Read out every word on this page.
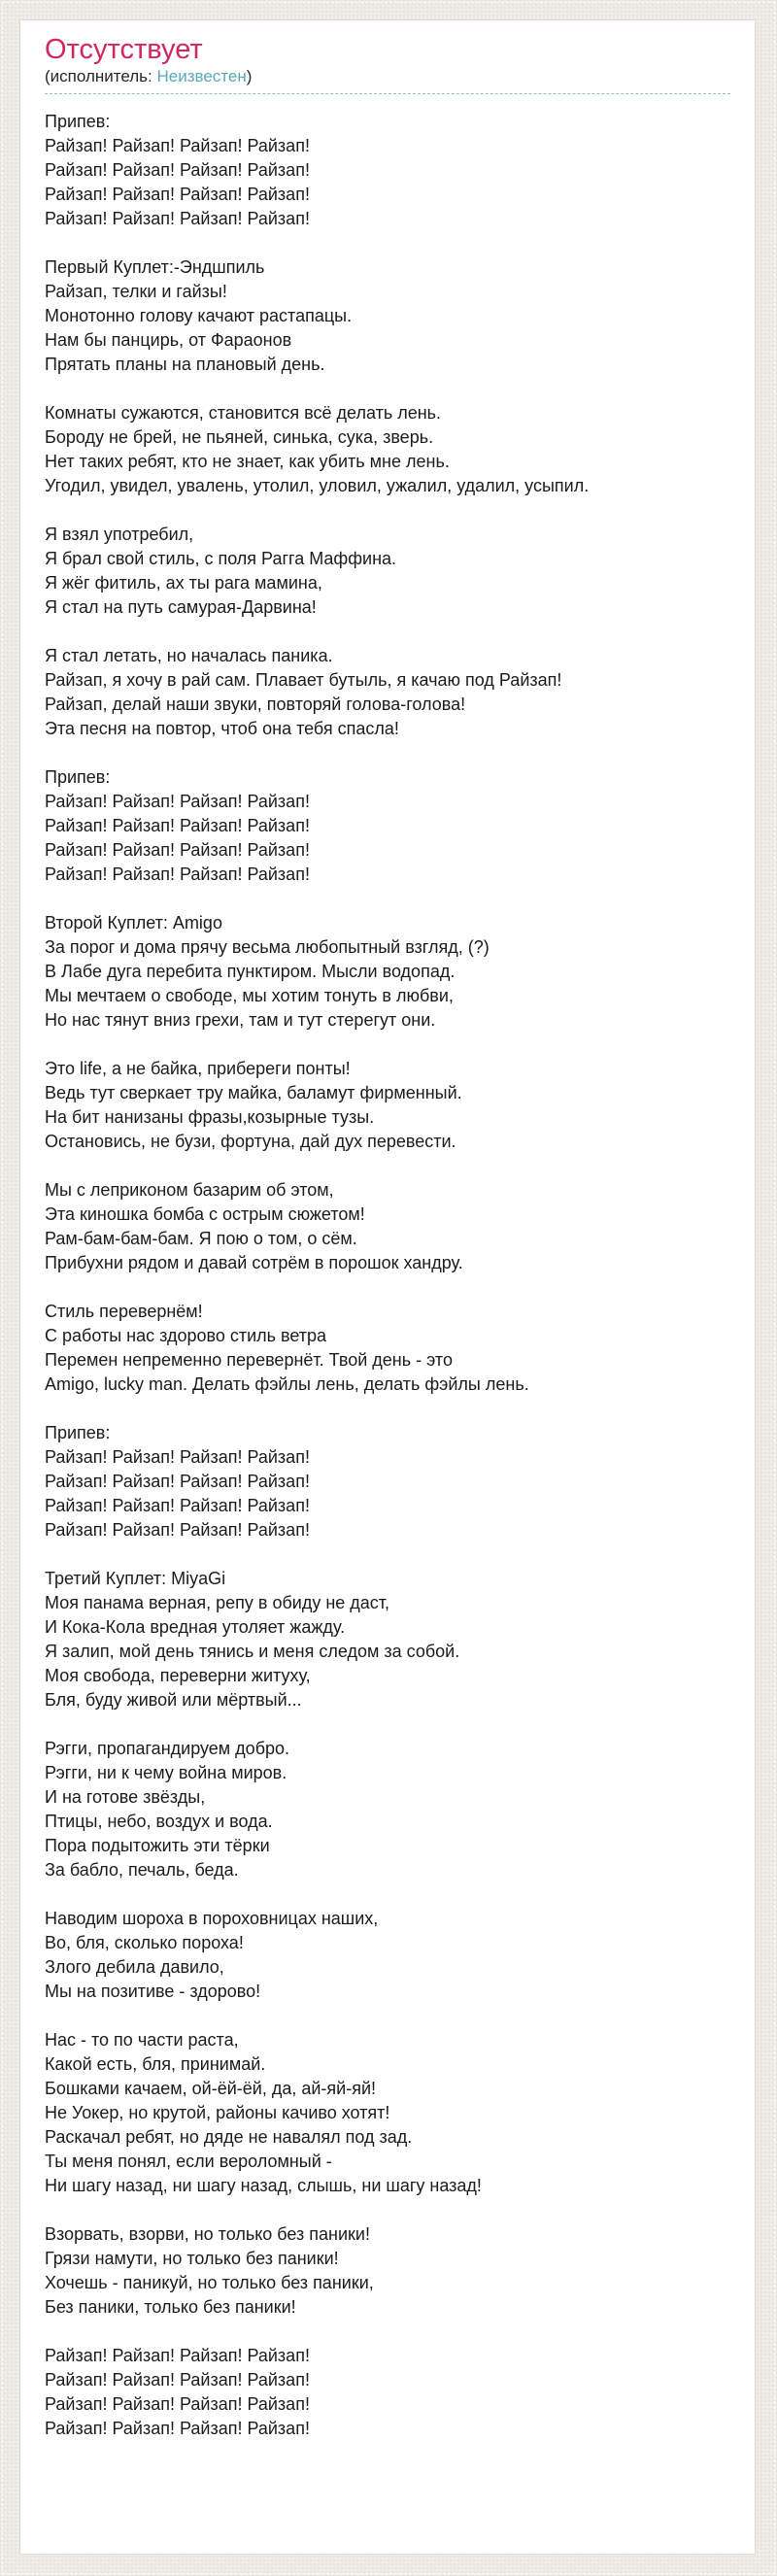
Отсутствует
(исполнитель: Неизвестен)

Припев:
Райзап! Райзап! Райзап! Райзап!
Райзап! Райзап! Райзап! Райзап!
Райзап! Райзап! Райзап! Райзап!
Райзап! Райзап! Райзап! Райзап!

Первый Куплет:-Эндшпиль
Райзап, телки и гайзы!
Монотонно голову качают растапацы.
Нам бы панцирь, от Фараонов
Прятать планы на плановый день.

Комнаты сужаются, становится всё делать лень.
Бороду не брей, не пьяней, синька, сука, зверь.
Нет таких ребят, кто не знает, как убить мне лень.
Угодил, увидел, увалень, утолил, уловил, ужалил, удалил, усыпил.

Я взял употребил,
Я брал свой стиль, с поля Рагга Маффина.
Я жёг фитиль, ах ты рага мамина,
Я стал на путь самурая-Дарвина!

Я стал летать, но началась паника.
Райзап, я хочу в рай сам. Плавает бутыль, я качаю под Райзап!
Райзап, делай наши звуки, повторяй голова-голова!
Эта песня на повтор, чтоб она тебя спасла!

Припев:
Райзап! Райзап! Райзап! Райзап!
Райзап! Райзап! Райзап! Райзап!
Райзап! Райзап! Райзап! Райзап!
Райзап! Райзап! Райзап! Райзап!

Второй Куплет: Amigo
За порог и дома прячу весьма любопытный взгляд, (?)
В Лабе дуга перебита пунктиром. Мысли водопад.
Мы мечтаем о свободе, мы хотим тонуть в любви,
Но нас тянут вниз грехи, там и тут стерегут они.

Это life, а не байка, прибереги понты!
Ведь тут сверкает тру майка, баламут фирменный.
На бит нанизаны фразы,козырные тузы.
Остановись, не бузи, фортуна, дай дух перевести.

Мы с леприконом базарим об этом,
Эта киношка бомба с острым сюжетом!
Рам-бам-бам-бам. Я пою о том, о сём.
Прибухни рядом и давай сотрём в порошок хандру.

Стиль перевернём!
С работы нас здорово стиль ветра
Перемен непременно перевернёт. Твой день - это
Amigo, lucky man. Делать фэйлы лень, делать фэйлы лень.

Припев:
Райзап! Райзап! Райзап! Райзап!
Райзап! Райзап! Райзап! Райзап!
Райзап! Райзап! Райзап! Райзап!
Райзап! Райзап! Райзап! Райзап!

Третий Куплет: MiyaGi
Моя панама верная, репу в обиду не даст,
И Кока-Кола вредная утоляет жажду.
Я залип, мой день тянись и меня следом за собой.
Моя свобода, переверни житуху,
Бля, буду живой или мёртвый...

Рэгги, пропагандируем добро.
Рэгги, ни к чему война миров.
И на готове звёзды,
Птицы, небо, воздух и вода.
Пора подытожить эти тёрки
За бабло, печаль, беда.

Наводим шороха в пороховницах наших,
Во, бля, сколько пороха!
Злого дебила давило,
Мы на позитиве - здорово!

Нас - то по части раста,
Какой есть, бля, принимай.
Бошками качаем, ой-ёй-ёй, да, ай-яй-яй!
Не Уокер, но крутой, районы качиво хотят!
Раскачал ребят, но дяде не навалял под зад.
Ты меня понял, если вероломный -
Ни шагу назад, ни шагу назад, слышь, ни шагу назад!

Взорвать, взорви, но только без паники!
Грязи намути, но только без паники!
Хочешь - паникуй, но только без паники,
Без паники, только без паники!

Райзап! Райзап! Райзап! Райзап!
Райзап! Райзап! Райзап! Райзап!
Райзап! Райзап! Райзап! Райзап!
Райзап! Райзап! Райзап! Райзап!
